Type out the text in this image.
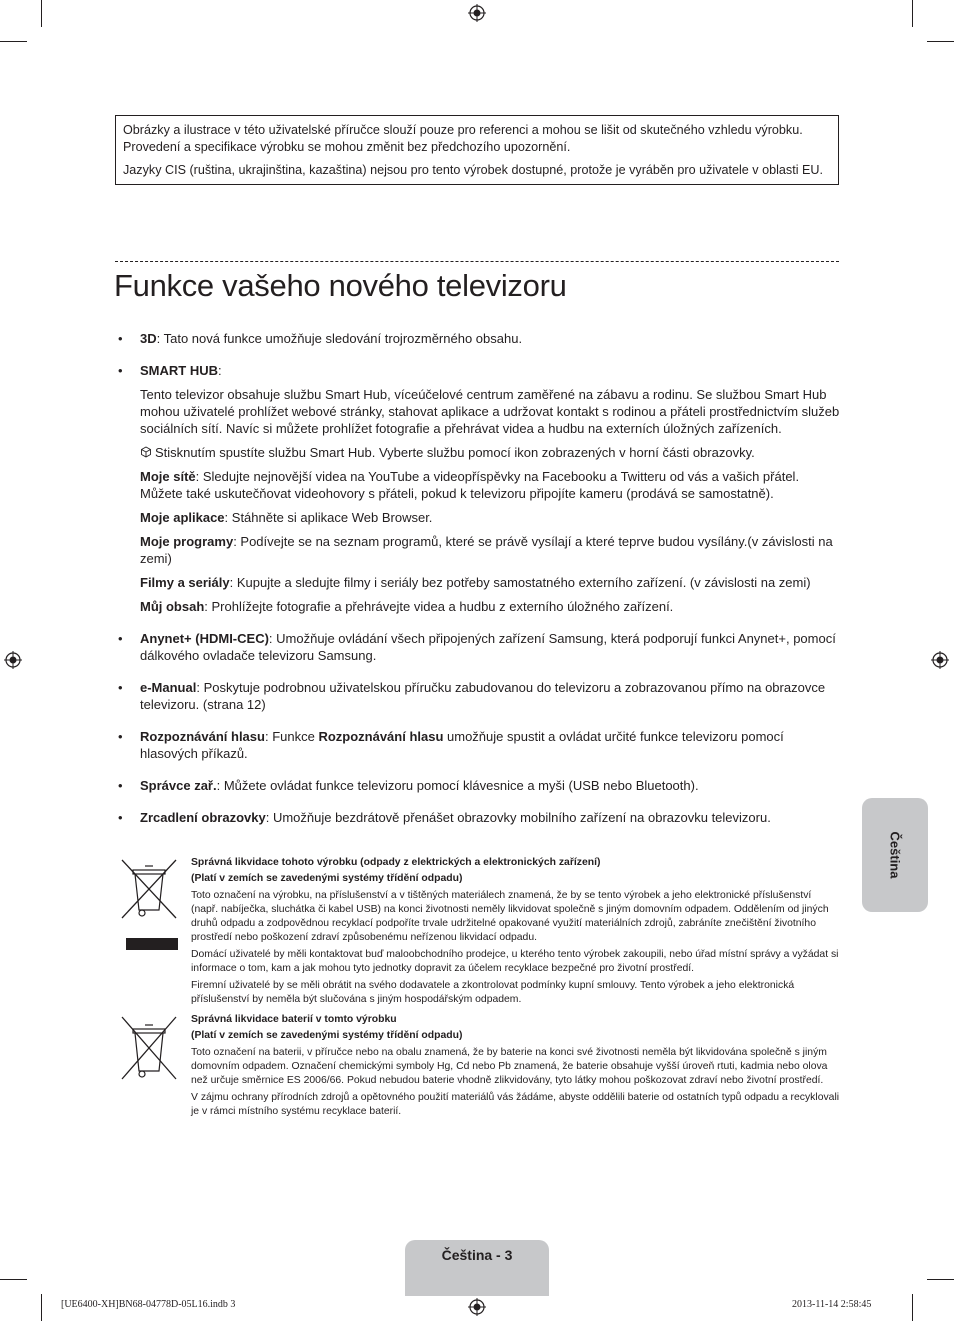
Obrázky a ilustrace v této uživatelské příručce slouží pouze pro referenci a mohou se lišit od skutečného vzhledu výrobku. Provedení a specifikace výrobku se mohou změnit bez předchozího upozornění.

Jazyky CIS (ruština, ukrajinština, kazaština) nejsou pro tento výrobek dostupné, protože je vyráběn pro uživatele v oblasti EU.

Funkce vašeho nového televizoru
• 3D: Tato nová funkce umožňuje sledování trojrozměrného obsahu.
• SMART HUB:

Tento televizor obsahuje službu Smart Hub, víceúčelové centrum zaměřené na zábavu a rodinu. Se službou Smart Hub mohou uživatelé prohlížet webové stránky, stahovat aplikace a udržovat kontakt s rodinou a přáteli prostřednictvím služeb sociálních sítí. Navíc si můžete prohlížet fotografie a přehrávat videa a hudbu na externích úložných zařízeních.

Stisknutím spustíte službu Smart Hub. Vyberte službu pomocí ikon zobrazených v horní části obrazovky.

Moje sítě: Sledujte nejnovější videa na YouTube a videopříspěvky na Facebooku a Twitteru od vás a vašich přátel. Můžete také uskutečňovat videohovory s přáteli, pokud k televizoru připojíte kameru (prodává se samostatně).

Moje aplikace: Stáhněte si aplikace Web Browser.

Moje programy: Podívejte se na seznam programů, které se právě vysílají a které teprve budou vysílány.(v závislosti na zemi)

Filmy a seriály: Kupujte a sledujte filmy i seriály bez potřeby samostatného externího zařízení. (v závislosti na zemi)

Můj obsah: Prohlížejte fotografie a přehrávejte videa a hudbu z externího úložného zařízení.

• Anynet+ (HDMI-CEC): Umožňuje ovládání všech připojených zařízení Samsung, která podporují funkci Anynet+, pomocí dálkového ovladače televizoru Samsung.
• e-Manual: Poskytuje podrobnou uživatelskou příručku zabudovanou do televizoru a zobrazovanou přímo na obrazovce televizoru. (strana 12)
• Rozpoznávání hlasu: Funkce Rozpoznávání hlasu umožňuje spustit a ovládat určité funkce televizoru pomocí hlasových příkazů.
• Správce zař.: Můžete ovládat funkce televizoru pomocí klávesnice a myši (USB nebo Bluetooth).
• Zrcadlení obrazovky: Umožňuje bezdrátově přenášet obrazovky mobilního zařízení na obrazovku televizoru.

Správná likvidace tohoto výrobku (odpady z elektrických a elektronických zařízení)

(Platí v zemích se zavedenými systémy třídění odpadu)

Toto označení na výrobku, na příslušenství a v tištěných materiálech znamená, že by se tento výrobek a jeho elektronické příslušenství (např. nabíječka, sluchátka či kabel USB) na konci životnosti neměly likvidovat společně s jiným domovním odpadem. Oddělením od jiných druhů odpadu a zodpovědnou recyklací podpoříte trvale udržitelné opakované využití materiálních zdrojů, zabráníte znečištění životního prostředí nebo poškození zdraví způsobenému neřízenou likvidací odpadu.

Domácí uživatelé by měli kontaktovat buď maloobchodního prodejce, u kterého tento výrobek zakoupili, nebo úřad místní správy a vyžádat si informace o tom, kam a jak mohou tyto jednotky dopravit za účelem recyklace bezpečné pro životní prostředí.

Firemní uživatelé by se měli obrátit na svého dodavatele a zkontrolovat podmínky kupní smlouvy. Tento výrobek a jeho elektronická příslušenství by neměla být slučována s jiným hospodářským odpadem.

Správná likvidace baterií v tomto výrobku

(Platí v zemích se zavedenými systémy třídění odpadu)

Toto označení na baterii, v příručce nebo na obalu znamená, že by baterie na konci své životnosti neměla být likvidována společně s jiným domovním odpadem. Označení chemickými symboly Hg, Cd nebo Pb znamená, že baterie obsahuje vyšší úroveň rtuti, kadmia nebo olova než určuje směrnice ES 2006/66. Pokud nebudou baterie vhodně zlikvidovány, tyto látky mohou poškozovat zdraví nebo životní prostředí.

V zájmu ochrany přírodních zdrojů a opětovného použití materiálů vás žádáme, abyste oddělili baterie od ostatních typů odpadu a recyklovali je v rámci místního systému recyklace baterií.

Čeština
Čeština - 3
[UE6400-XH]BN68-04778D-05L16.indb 3	2013-11-14 2:58:45
